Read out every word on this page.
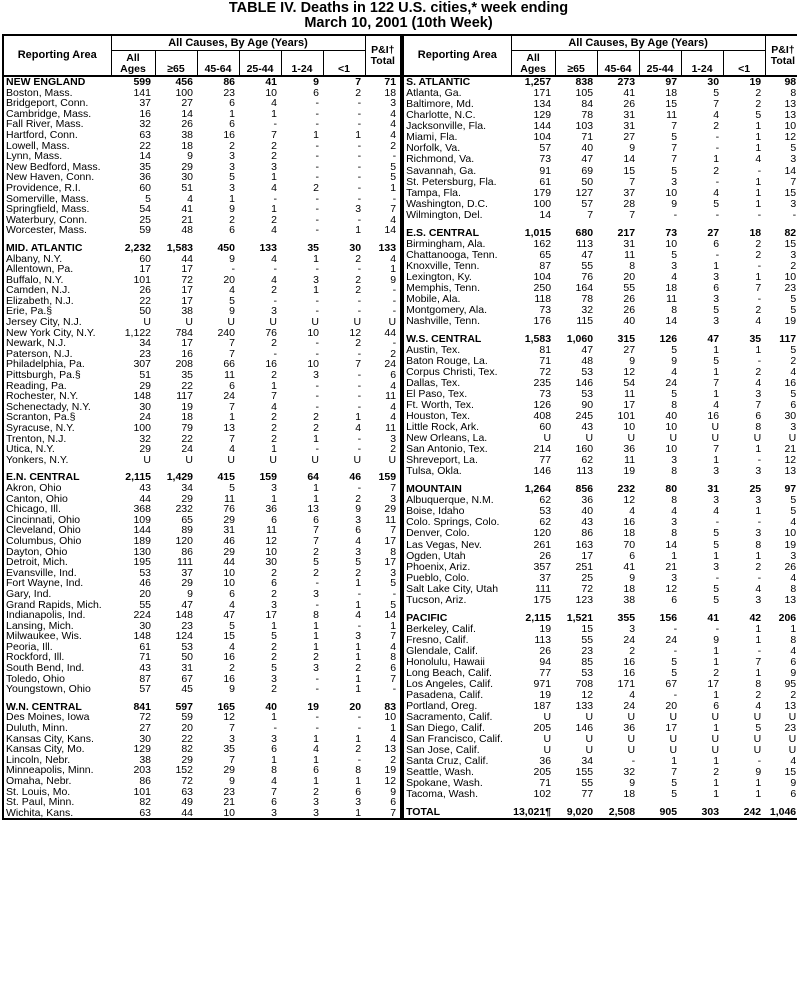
TABLE IV. Deaths in 122 U.S. cities,* week ending
March 10, 2001 (10th Week)
Reporting Area	All Causes, By Age (Years)						P&I†
Total
	All
Ages	≥65	45-64	25-44	1-24	<1	
NEW ENGLAND	599	456	86	41	9	7	71
Boston, Mass.	141	100	23	10	6	2	18
Bridgeport, Conn.	37	27	6	4	-	-	3
Cambridge, Mass.	16	14	1	1	-	-	4
Fall River, Mass.	32	26	6	-	-	-	4
Hartford, Conn.	63	38	16	7	1	1	4
Lowell, Mass.	22	18	2	2	-	-	2
Lynn, Mass.	14	9	3	2	-	-	-
New Bedford, Mass.	35	29	3	3	-	-	5
New Haven, Conn.	36	30	5	1	-	-	5
Providence, R.I.	60	51	3	4	2	-	1
Somerville, Mass.	5	4	1	-	-	-	-
Springfield, Mass.	54	41	9	1	-	3	7
Waterbury, Conn.	25	21	2	2	-	-	4
Worcester, Mass.	59	48	6	4	-	1	14

MID. ATLANTIC	2,232	1,583	450	133	35	30	133
Albany, N.Y.	60	44	9	4	1	2	4
Allentown, Pa.	17	17	-	-	-	-	1
Buffalo, N.Y.	101	72	20	4	3	2	9
Camden, N.J.	26	17	4	2	1	2	-
Elizabeth, N.J.	22	17	5	-	-	-	-
Erie, Pa.§	50	38	9	3	-	-	-
Jersey City, N.J.	U	U	U	U	U	U	U
New York City, N.Y.	1,122	784	240	76	10	12	44
Newark, N.J.	34	17	7	2	-	2	-
Paterson, N.J.	23	16	7	-	-	-	2
Philadelphia, Pa.	307	208	66	16	10	7	24
Pittsburgh, Pa.§	51	35	11	2	3	-	6
Reading, Pa.	29	22	6	1	-	-	4
Rochester, N.Y.	148	117	24	7	-	-	11
Schenectady, N.Y.	30	19	7	4	-	-	4
Scranton, Pa.§	24	18	1	2	2	1	4
Syracuse, N.Y.	100	79	13	2	2	4	11
Trenton, N.J.	32	22	7	2	1	-	3
Utica, N.Y.	29	24	4	1	-	-	2
Yonkers, N.Y.	U	U	U	U	U	U	U

E.N. CENTRAL	2,115	1,429	415	159	64	46	159
Akron, Ohio	43	34	5	3	1	-	7
Canton, Ohio	44	29	11	1	1	2	3
Chicago, Ill.	368	232	76	36	13	9	29
Cincinnati, Ohio	109	65	29	6	6	3	11
Cleveland, Ohio	144	89	31	11	7	6	7
Columbus, Ohio	189	120	46	12	7	4	17
Dayton, Ohio	130	86	29	10	2	3	8
Detroit, Mich.	195	111	44	30	5	5	17
Evansville, Ind.	53	37	10	2	2	2	3
Fort Wayne, Ind.	46	29	10	6	-	1	5
Gary, Ind.	20	9	6	2	3	-	-
Grand Rapids, Mich.	55	47	4	3	-	1	5
Indianapolis, Ind.	224	148	47	17	8	4	14
Lansing, Mich.	30	23	5	1	1	-	1
Milwaukee, Wis.	148	124	15	5	1	3	7
Peoria, Ill.	61	53	4	2	1	1	4
Rockford, Ill.	71	50	16	2	2	1	8
South Bend, Ind.	43	31	2	5	3	2	6
Toledo, Ohio	87	67	16	3	-	1	7
Youngstown, Ohio	57	45	9	2	-	1	-

W.N. CENTRAL	841	597	165	40	19	20	83
Des Moines, Iowa	72	59	12	1	-	-	10
Duluth, Minn.	27	20	7	-	-	-	1
Kansas City, Kans.	30	22	3	3	1	1	4
Kansas City, Mo.	129	82	35	6	4	2	13
Lincoln, Nebr.	38	29	7	1	1	-	2
Minneapolis, Minn.	203	152	29	8	6	8	19
Omaha, Nebr.	86	72	9	4	1	1	12
St. Louis, Mo.	101	63	23	7	2	6	9
St. Paul, Minn.	82	49	21	6	3	3	6
Wichita, Kans.	63	44	10	3	3	1	7
Reporting Area	All Causes, By Age (Years)						P&I†
Total
	All
Ages	≥65	45-64	25-44	1-24	<1	
S. ATLANTIC	1,257	838	273	97	30	19	98
Atlanta, Ga.	171	105	41	18	5	2	8
Baltimore, Md.	134	84	26	15	7	2	13
Charlotte, N.C.	129	78	31	11	4	5	13
Jacksonville, Fla.	144	103	31	7	2	1	10
Miami, Fla.	104	71	27	5	-	1	12
Norfolk, Va.	57	40	9	7	-	1	5
Richmond, Va.	73	47	14	7	1	4	3
Savannah, Ga.	91	69	15	5	2	-	14
St. Petersburg, Fla.	61	50	7	3	-	1	7
Tampa, Fla.	179	127	37	10	4	1	15
Washington, D.C.	100	57	28	9	5	1	3
Wilmington, Del.	14	7	7	-	-	-	-

E.S. CENTRAL	1,015	680	217	73	27	18	82
Birmingham, Ala.	162	113	31	10	6	2	15
Chattanooga, Tenn.	65	47	11	5	-	2	3
Knoxville, Tenn.	87	55	8	3	1	-	2
Lexington, Ky.	104	76	20	4	3	1	10
Memphis, Tenn.	250	164	55	18	6	7	23
Mobile, Ala.	118	78	26	11	3	-	5
Montgomery, Ala.	73	32	26	8	5	2	5
Nashville, Tenn.	176	115	40	14	3	4	19

W.S. CENTRAL	1,583	1,060	315	126	47	35	117
Austin, Tex.	81	47	27	5	1	1	5
Baton Rouge, La.	71	48	9	9	5	-	2
Corpus Christi, Tex.	72	53	12	4	1	2	4
Dallas, Tex.	235	146	54	24	7	4	16
El Paso, Tex.	73	53	11	5	1	3	5
Ft. Worth, Tex.	126	90	17	8	4	7	6
Houston, Tex.	408	245	101	40	16	6	30
Little Rock, Ark.	60	43	10	10	U	8	3
New Orleans, La.	U	U	U	U	U	U	U
San Antonio, Tex.	214	160	36	10	7	1	21
Shreveport, La.	77	62	11	3	1	-	12
Tulsa, Okla.	146	113	19	8	3	3	13

MOUNTAIN	1,264	856	232	80	31	25	97
Albuquerque, N.M.	62	36	12	8	3	3	5
Boise, Idaho	53	40	4	4	4	1	5
Colo. Springs, Colo.	62	43	16	3	-	-	4
Denver, Colo.	120	86	18	8	5	3	10
Las Vegas, Nev.	261	163	70	14	5	8	19
Ogden, Utah	26	17	6	1	1	1	3
Phoenix, Ariz.	357	251	41	21	3	2	26
Pueblo, Colo.	37	25	9	3	-	-	4
Salt Lake City, Utah	111	72	18	12	5	4	8
Tucson, Ariz.	175	123	38	6	5	3	13

PACIFIC	2,115	1,521	355	156	41	42	206
Berkeley, Calif.	19	15	3	-	-	1	1
Fresno, Calif.	113	55	24	24	9	1	8
Glendale, Calif.	26	23	2	-	1	-	4
Honolulu, Hawaii	94	85	16	5	1	7	6
Long Beach, Calif.	77	53	16	5	2	1	9
Los Angeles, Calif.	971	708	171	67	17	8	95
Pasadena, Calif.	19	12	4	-	1	2	2
Portland, Oreg.	187	133	24	20	6	4	13
Sacramento, Calif.	U	U	U	U	U	U	U
San Diego, Calif.	205	146	36	17	1	5	23
San Francisco, Calif.	U	U	U	U	U	U	U
San Jose, Calif.	U	U	U	U	U	U	U
Santa Cruz, Calif.	36	34	-	1	1	-	4
Seattle, Wash.	205	155	32	7	2	9	15
Spokane, Wash.	71	55	9	5	1	1	9
Tacoma, Wash.	102	77	18	5	1	1	6

TOTAL	13,021¶	9,020	2,508	905	303	242	1,046
